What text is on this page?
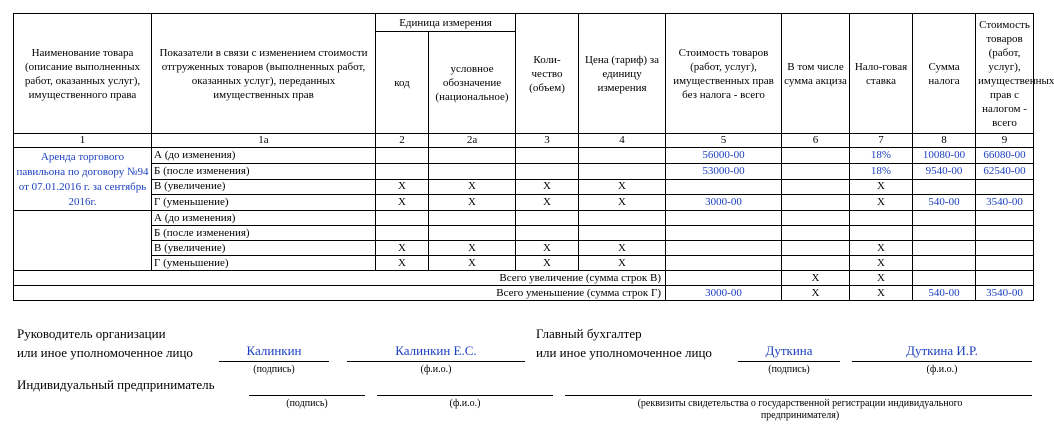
Наименование товара (описание выполненных работ, оказанных услуг), имущественного права	Показатели в связи с изменением стоимости отгруженных товаров (выполненных работ, оказанных услуг), переданных имущественных прав	Единица измерения		Коли-чество (объем)	Цена (тариф) за единицу измерения	Стоимость товаров (работ, услуг), имущественных прав без налога - всего	В том числе сумма акциза	Нало-говая ставка	Сумма налога	Стоимость товаров (работ, услуг), имущественных прав с налогом - всего
		код	условное обозначение (национальное)							
1	1а	2	2а	3	4	5	6	7	8	9
Аренда торгового павильона по договору №94 от 07.01.2016 г. за сентябрь 2016г.	А (до изменения)					56000-00		18%	10080-00	66080-00
	Б (после изменения)					53000-00		18%	9540-00	62540-00
	В (увеличение)	X	X	X	X			X		
	Г (уменьшение)	X	X	X	X	3000-00		X	540-00	3540-00
	А (до изменения)									
	Б (после изменения)									
	В (увеличение)	X	X	X	X			X		
	Г (уменьшение)	X	X	X	X			X		
Всего увеличение (сумма строк В)							X	X		
Всего уменьшение (сумма строк Г)						3000-00	X	X	540-00	3540-00
Руководитель организации
или иное уполномоченное лицо	Калинкин	Калинкин Е.С.
(подпись)	(ф.и.о.)
Главный бухгалтер
или иное уполномоченное лицо	Дуткина	Дуткина И.Р.
(подпись)	(ф.и.о.)
Индивидуальный предприниматель
(подпись)	(ф.и.о.)	(реквизиты свидетельства о государственной регистрации индивидуального предпринимателя)
